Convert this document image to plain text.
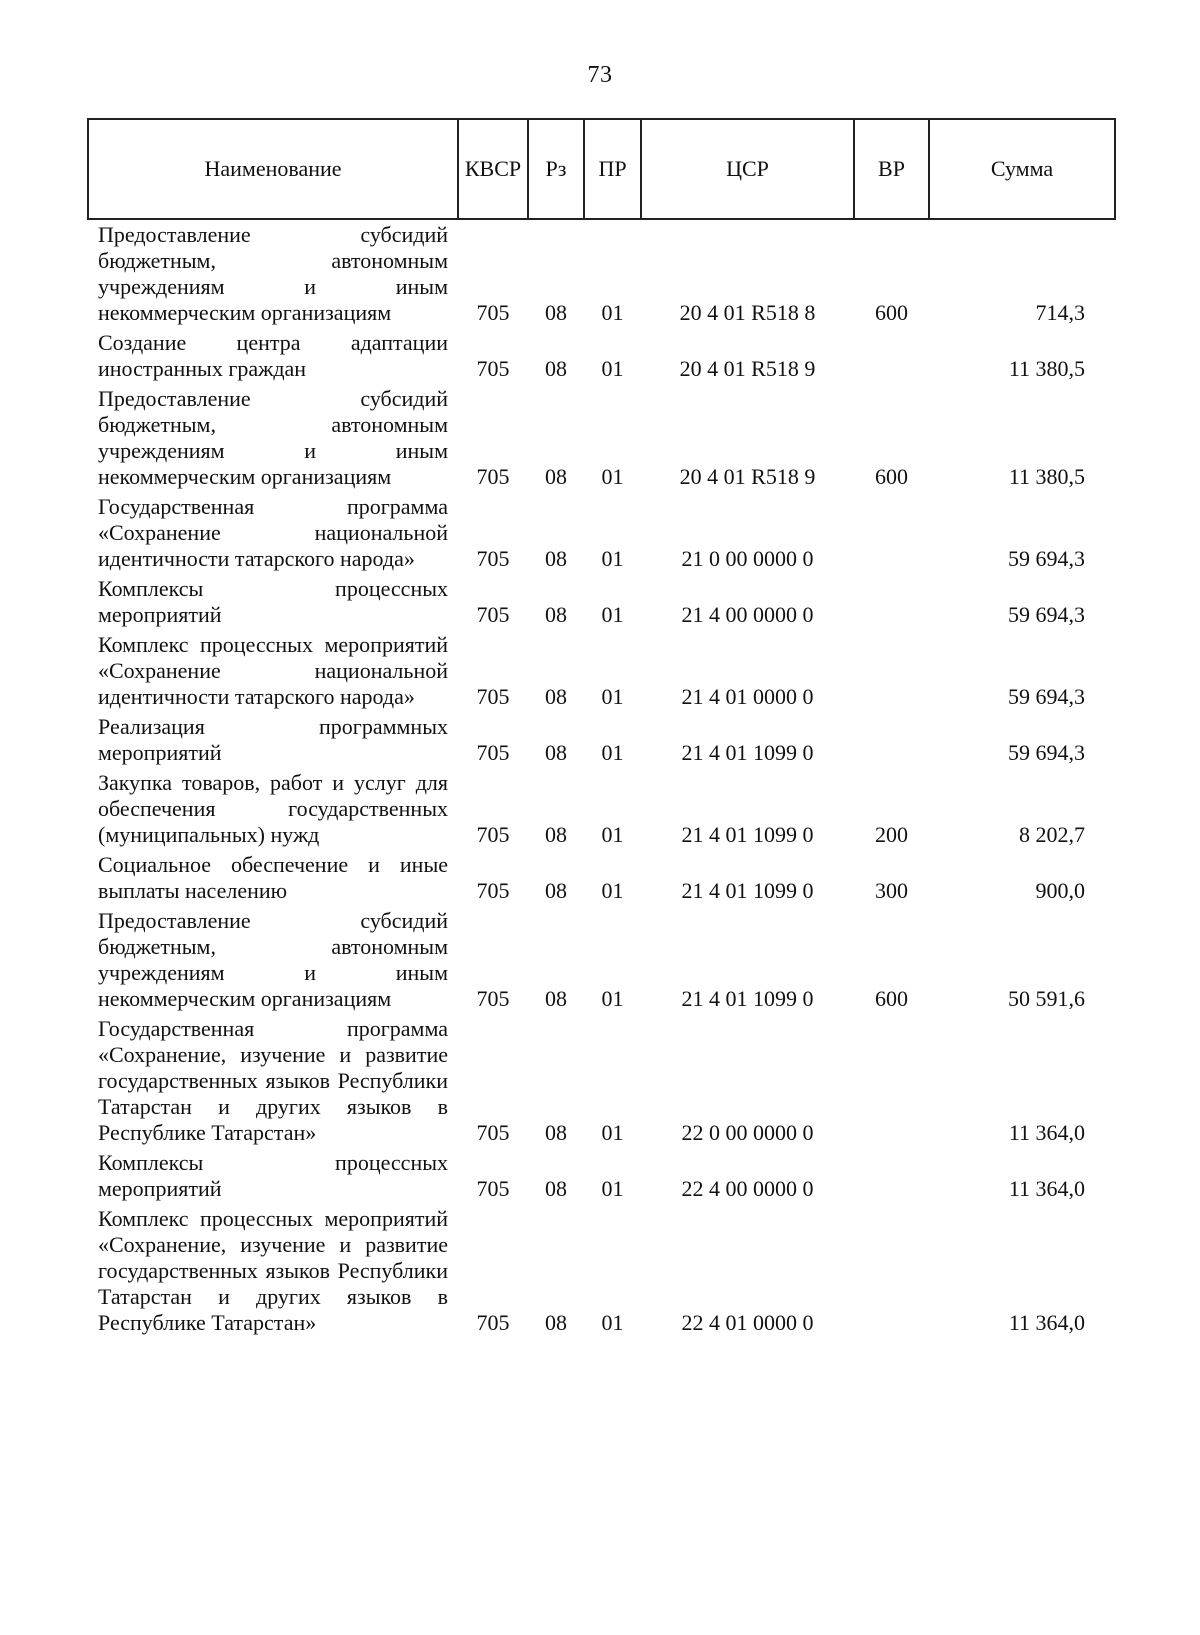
73
Наименование	КВСР	Рз	ПР	ЦСР	ВР	Сумма
Предоставление субсидий бюджетным, автономным учреждениям и иным некоммерческим организациям	705	08	01	20 4 01 R518 8	600	714,3
Создание центра адаптации иностранных граждан	705	08	01	20 4 01 R518 9		11 380,5
Предоставление субсидий бюджетным, автономным учреждениям и иным некоммерческим организациям	705	08	01	20 4 01 R518 9	600	11 380,5
Государственная программа «Сохранение национальной идентичности татарского народа»	705	08	01	21 0 00 0000 0		59 694,3
Комплексы процессных мероприятий	705	08	01	21 4 00 0000 0		59 694,3
Комплекс процессных мероприятий «Сохранение национальной идентичности татарского народа»	705	08	01	21 4 01 0000 0		59 694,3
Реализация программных мероприятий	705	08	01	21 4 01 1099 0		59 694,3
Закупка товаров, работ и услуг для обеспечения государственных (муниципальных) нужд	705	08	01	21 4 01 1099 0	200	8 202,7
Социальное обеспечение и иные выплаты населению	705	08	01	21 4 01 1099 0	300	900,0
Предоставление субсидий бюджетным, автономным учреждениям и иным некоммерческим организациям	705	08	01	21 4 01 1099 0	600	50 591,6
Государственная программа «Сохранение, изучение и развитие государственных языков Республики Татарстан и других языков в Республике Татарстан»	705	08	01	22 0 00 0000 0		11 364,0
Комплексы процессных мероприятий	705	08	01	22 4 00 0000 0		11 364,0
Комплекс процессных мероприятий «Сохранение, изучение и развитие государственных языков Республики Татарстан и других языков в Республике Татарстан»	705	08	01	22 4 01 0000 0		11 364,0
